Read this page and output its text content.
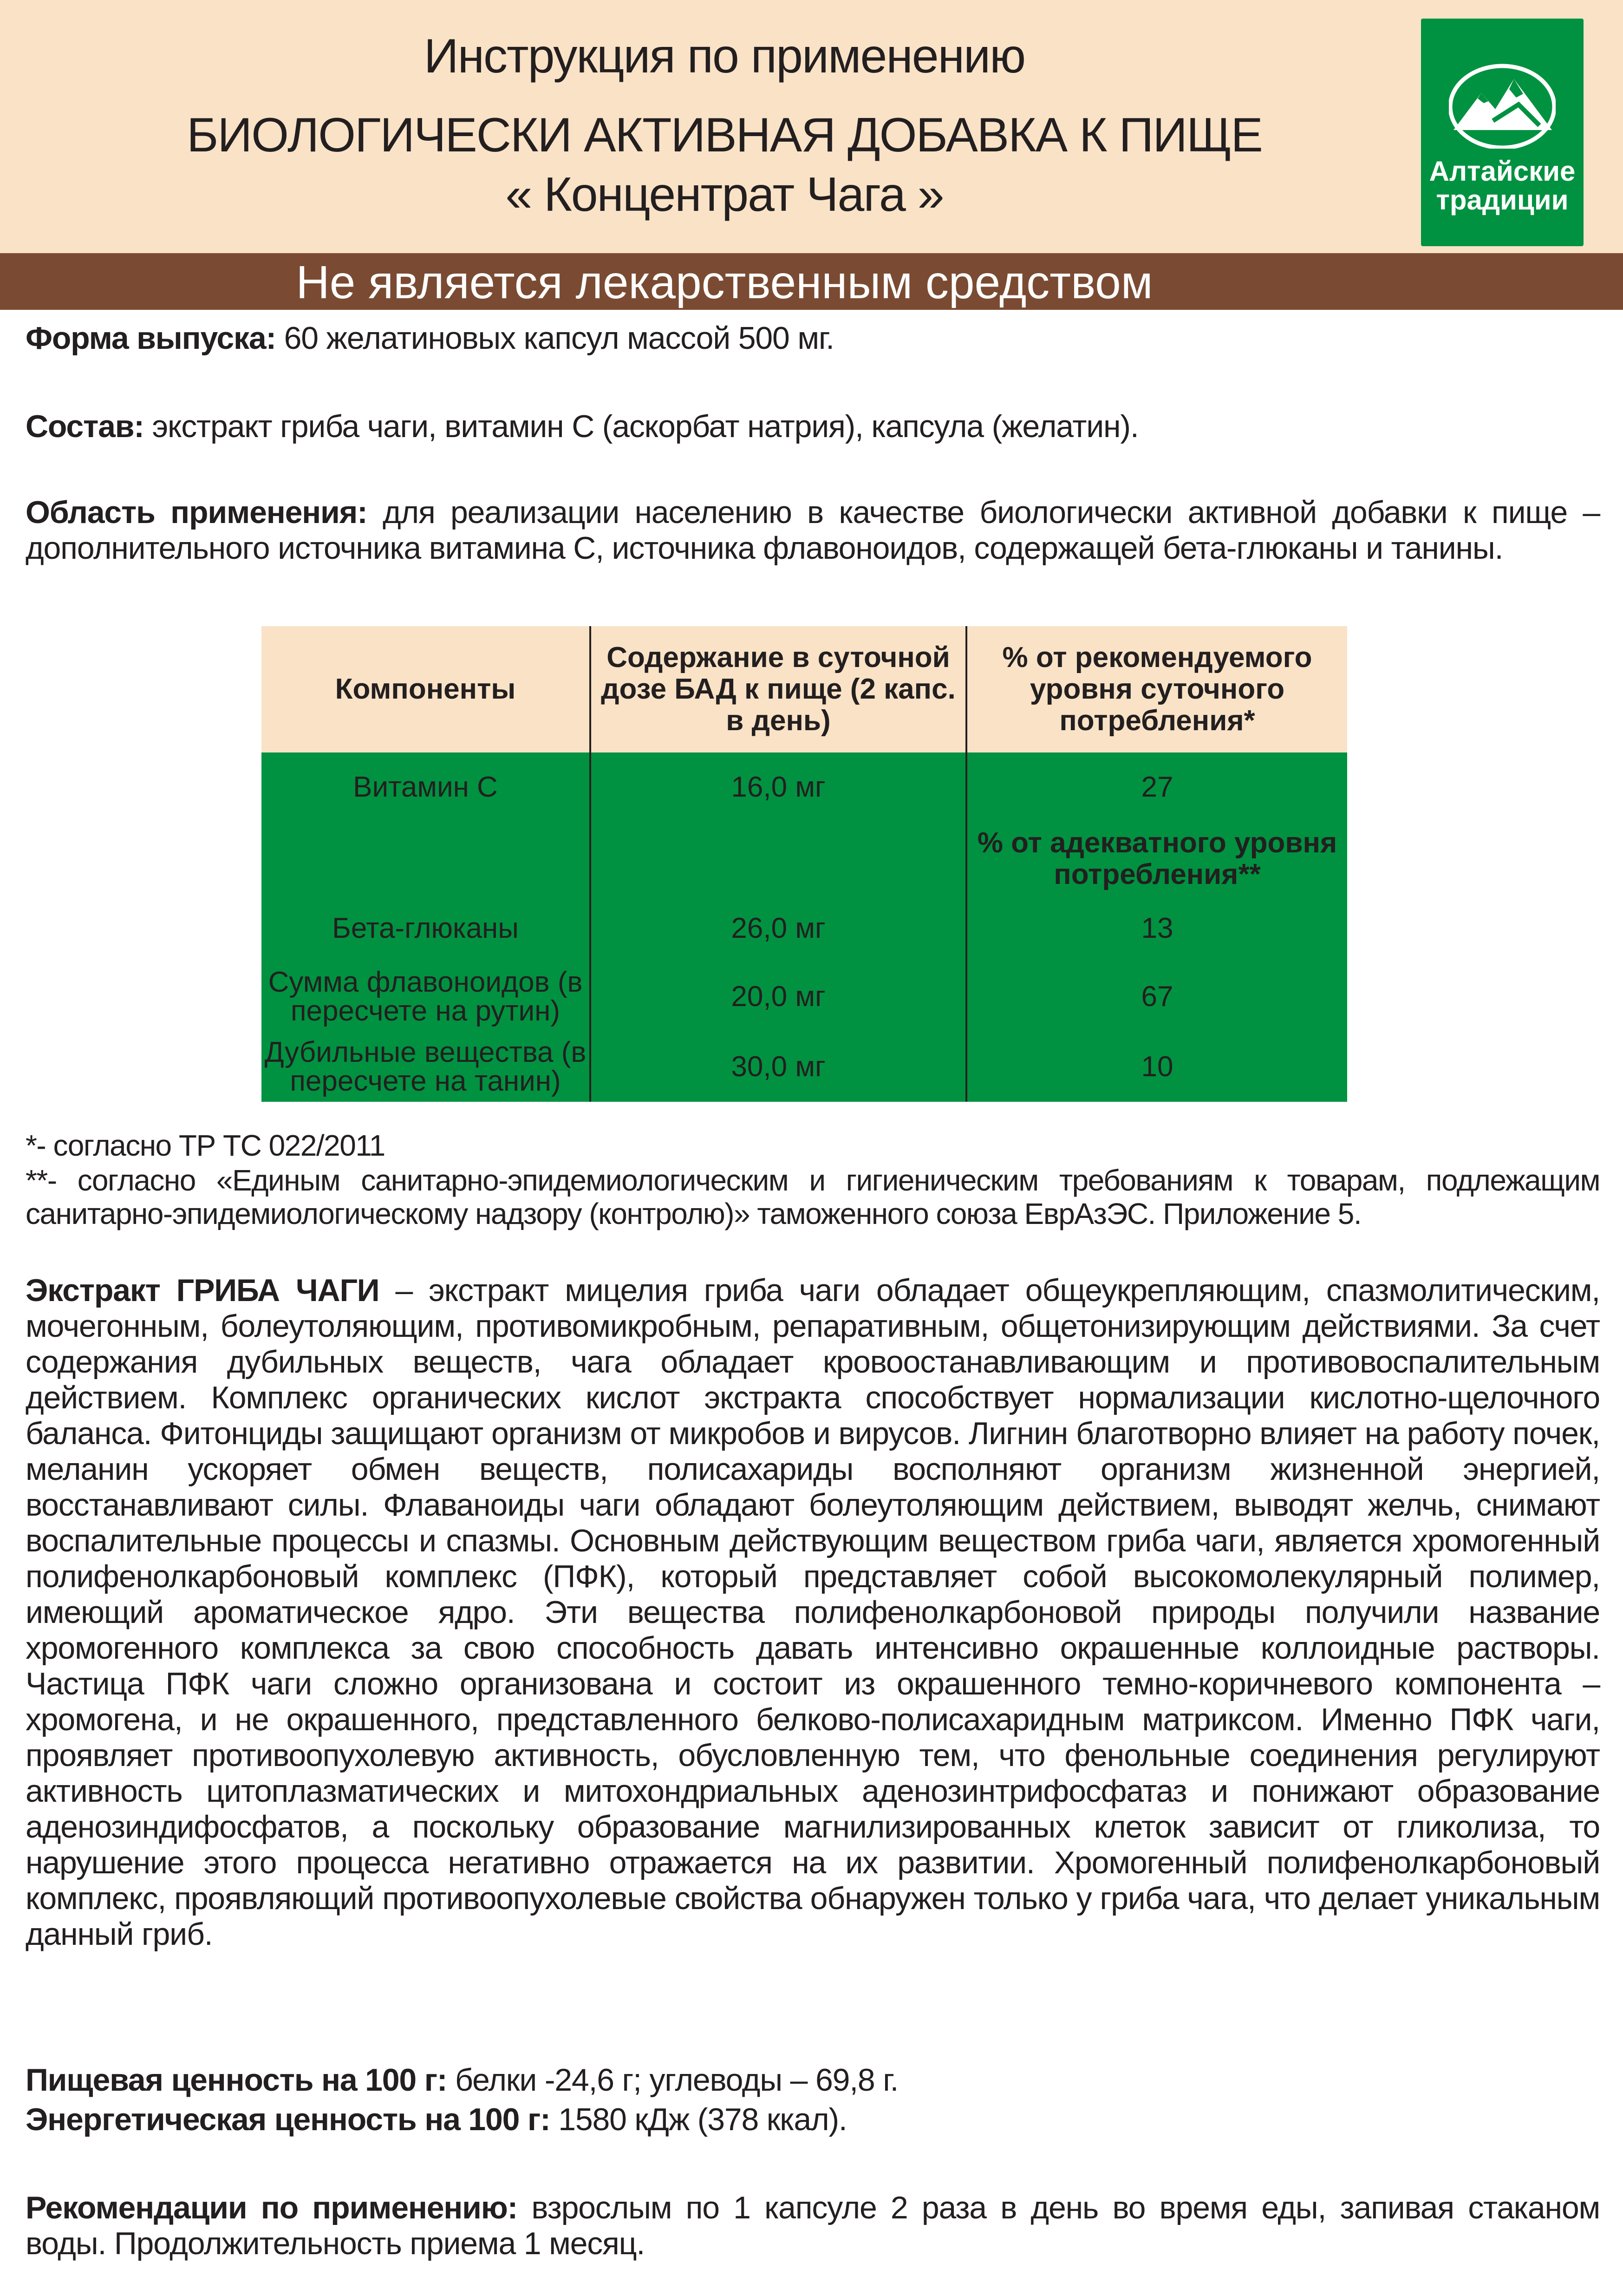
Инструкция по применению
БИОЛОГИЧЕСКИ АКТИВНАЯ ДОБАВКА К ПИЩЕ
« Концентрат Чага »	Алтайские
традиции
Не является лекарственным средством
Форма выпуска: 60 желатиновых капсул массой 500 мг.
Состав: экстракт гриба чаги, витамин С (аскорбат натрия), капсула (желатин).
Область применения: для реализации населению в качестве биологически активной добавки к пище – дополнительного источника витамина С, источника флавоноидов, содержащей бета-глюканы и танины.
Компоненты	Содержание в суточной дозе БАД к пище (2 капс. в день)	% от рекомендуемого уровня суточного потребления*
Витамин С	16,0 мг	27
		% от адекватного уровня потребления**
Бета-глюканы	26,0 мг	13
Сумма флавоноидов (в пересчете на рутин)	20,0 мг	67
Дубильные вещества (в пересчете на танин)	30,0 мг	10
*- согласно ТР ТС 022/2011
**- согласно «Единым санитарно-эпидемиологическим и гигиеническим требованиям к товарам, подлежащим санитарно-эпидемиологическому надзору (контролю)» таможенного союза ЕврАзЭС. Приложение 5.
Экстракт ГРИБА ЧАГИ – экстракт мицелия гриба чаги обладает общеукрепляющим, спазмолитическим, мочегонным, болеутоляющим, противомикробным, репаративным, общетонизирующим действиями. За счет содержания дубильных веществ, чага обладает кровоостанавливающим и противовоспалительным действием. Комплекс органических кислот экстракта способствует нормализации кислотно-щелочного баланса. Фитонциды защищают организм от микробов и вирусов. Лигнин благотворно влияет на работу почек, меланин ускоряет обмен веществ, полисахариды восполняют организм жизненной энергией, восстанавливают силы. Флаваноиды чаги обладают болеутоляющим действием, выводят желчь, снимают воспалительные процессы и спазмы. Основным действующим веществом гриба чаги, является хромогенный полифенолкарбоновый комплекс (ПФК), который представляет собой высокомолекулярный полимер, имеющий ароматическое ядро. Эти вещества полифенолкарбоновой природы получили название хромогенного комплекса за свою способность давать интенсивно окрашенные коллоидные растворы. Частица ПФК чаги сложно организована и состоит из окрашенного темно-коричневого компонента – хромогена, и не окрашенного, представленного белково-полисахаридным матриксом. Именно ПФК чаги, проявляет противоопухолевую активность, обусловленную тем, что фенольные соединения регулируют активность цитоплазматических и митохондриальных аденозинтрифосфатаз и понижают образование аденозиндифосфатов, а поскольку образование магнилизированных клеток зависит от гликолиза, то нарушение этого процесса негативно отражается на их развитии. Хромогенный полифенолкарбоновый комплекс, проявляющий противоопухолевые свойства обнаружен только у гриба чага, что делает уникальным данный гриб.
Пищевая ценность на 100 г: белки -24,6 г; углеводы – 69,8 г.
Энергетическая ценность на 100 г: 1580 кДж (378 ккал).
Рекомендации по применению: взрослым по 1 капсуле 2 раза в день во время еды, запивая стаканом воды. Продолжительность приема 1 месяц.
